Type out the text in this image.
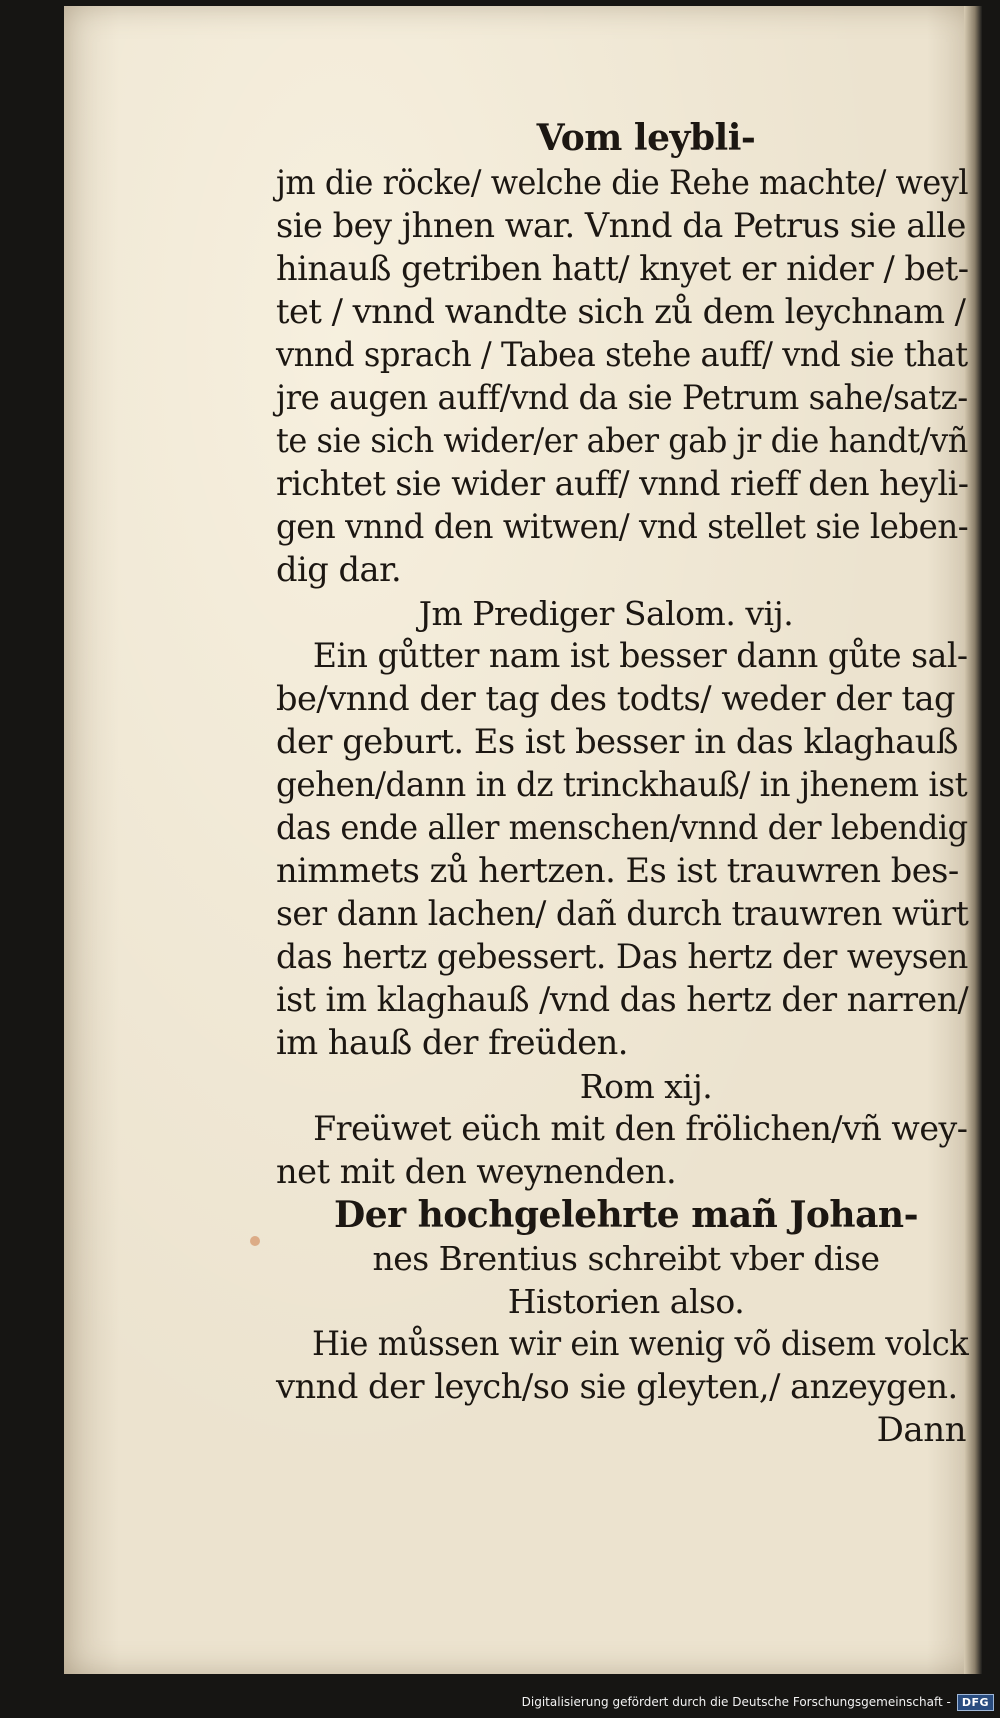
Vom leybli-
jm die röcke/ welche die Rehe machte/ weyl
sie bey jhnen war. Vnnd da Petrus sie alle
hinauß getriben hatt/ knyet er nider / bet-
tet / vnnd wandte sich zů dem leychnam /
vnnd sprach / Tabea stehe auff/ vnd sie that
jre augen auff/vnd da sie Petrum sahe/satz-
te sie sich wider/er aber gab jr die handt/vñ
richtet sie wider auff/ vnnd rieff den heyli-
gen vnnd den witwen/ vnd stellet sie leben-
dig dar.
Jm Prediger Salom. vij.
Ein gůtter nam ist besser dann gůte sal-
be/vnnd der tag des todts/ weder der tag
der geburt. Es ist besser in das klaghauß
gehen/dann in dz trinckhauß/ in jhenem ist
das ende aller menschen/vnnd der lebendig
nimmets zů hertzen. Es ist trauwren bes-
ser dann lachen/ dañ durch trauwren würt
das hertz gebessert. Das hertz der weysen
ist im klaghauß /vnd das hertz der narren/
im hauß der freüden.
Rom xij.
Freüwet eüch mit den frölichen/vñ wey-
net mit den weynenden.
Der hochgelehrte mañ Johan-
nes Brentius schreibt vber dise
Historien also.
Hie můssen wir ein wenig võ disem volck
vnnd der leych/so sie gleyten,/ anzeygen.
Dann
Digitalisierung gefördert durch die Deutsche Forschungsgemeinschaft -	DFG
